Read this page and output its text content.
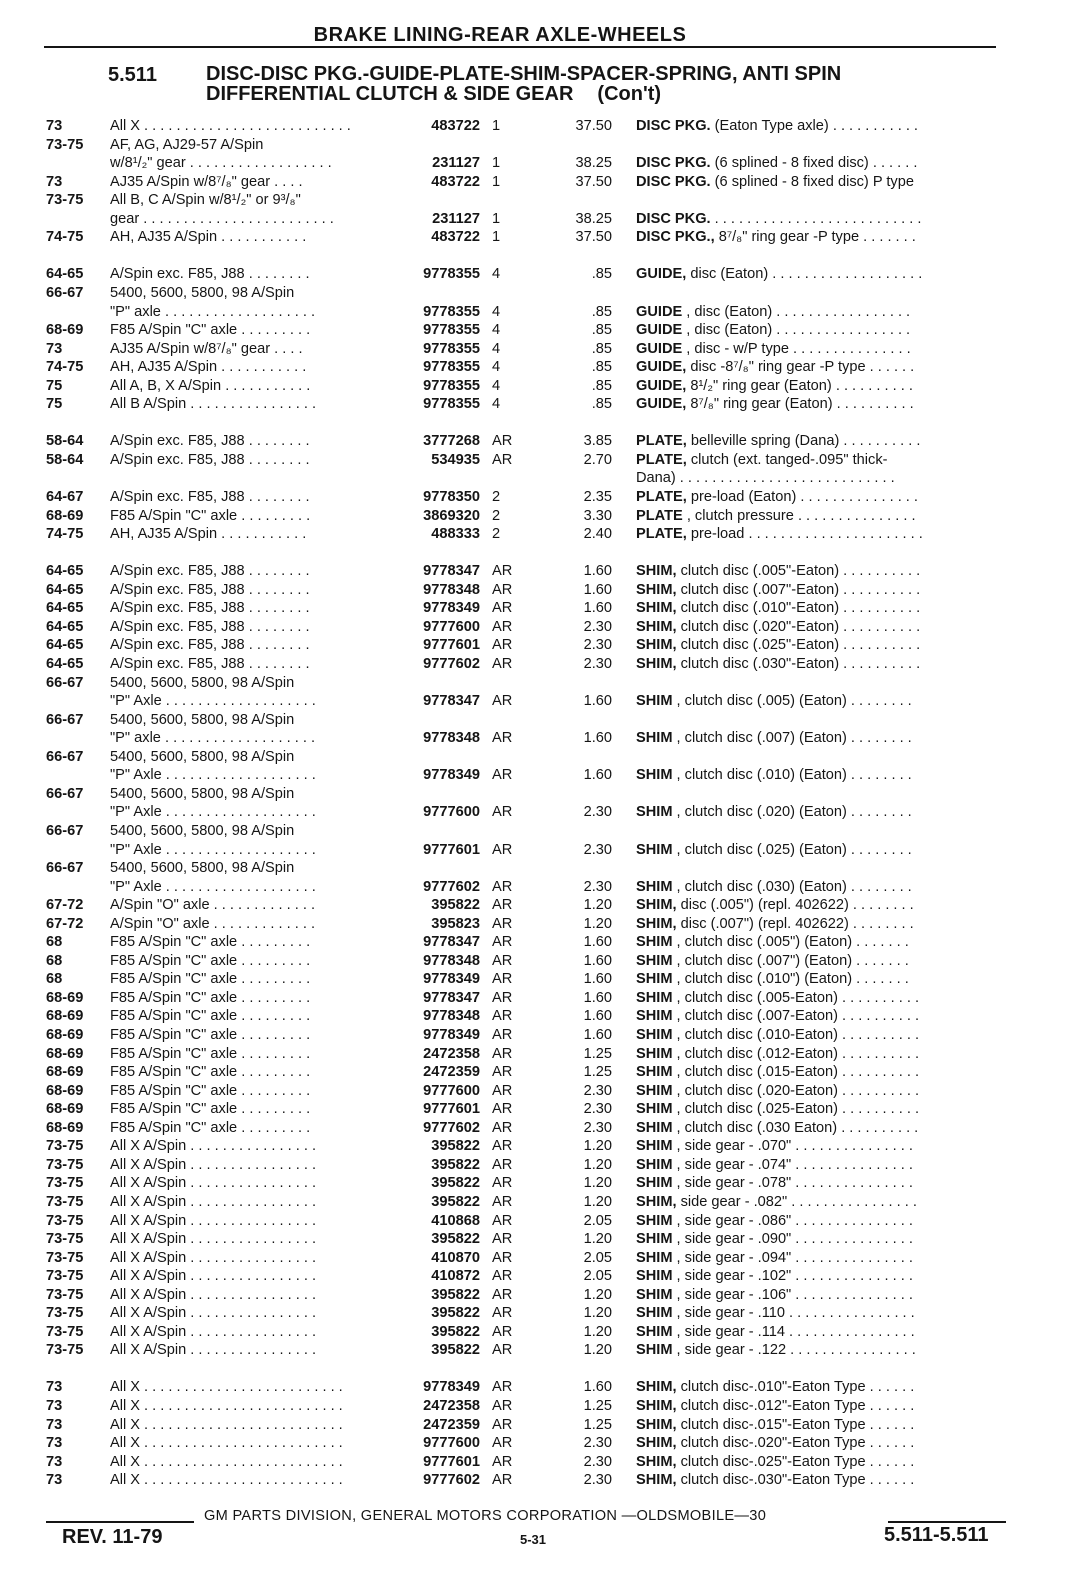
BRAKE LINING-REAR AXLE-WHEELS
5.511 DISC-DISC PKG.-GUIDE-PLATE-SHIM-SPACER-SPRING, ANTI SPIN
DIFFERENTIAL CLUTCH & SIDE GEAR (Con't)
73	All X . . . . . . . . . . . . . . . . . . . . . . . . . .	483722 1	37.50 DISC PKG. (Eaton Type axle) . . . . . . . . . . .
73-75	AF, AG, AJ29-57 A/Spin
w/8¹/₂" gear . . . . . . . . . . . . . . . . . .	231127 1	38.25 DISC PKG. (6 splined - 8 fixed disc) . . . . . .
73	AJ35 A/Spin w/8⁷/₈" gear . . . .	483722 1	37.50 DISC PKG. (6 splined - 8 fixed disc) P type
73-75	All B, C A/Spin w/8¹/₂" or 9³/₈"
gear . . . . . . . . . . . . . . . . . . . . . . . .	231127 1	38.25 DISC PKG. . . . . . . . . . . . . . . . . . . . . . . . . . .
74-75	AH, AJ35 A/Spin . . . . . . . . . . .	483722 1	37.50 DISC PKG., 8⁷/₈" ring gear -P type . . . . . . .
64-65	A/Spin exc. F85, J88 . . . . . . . .	9778355 4	.85 GUIDE, disc (Eaton) . . . . . . . . . . . . . . . . . . .
66-67	5400, 5600, 5800, 98 A/Spin
"P" axle . . . . . . . . . . . . . . . . . . .	9778355 4	.85 GUIDE , disc (Eaton) . . . . . . . . . . . . . . . . .
68-69	F85 A/Spin "C" axle . . . . . . . . .	9778355 4	.85 GUIDE , disc (Eaton) . . . . . . . . . . . . . . . . .
73	AJ35 A/Spin w/8⁷/₈" gear . . . .	9778355 4	.85 GUIDE , disc - w/P type . . . . . . . . . . . . . . .
74-75	AH, AJ35 A/Spin . . . . . . . . . . .	9778355 4	.85 GUIDE, disc -8⁷/₈" ring gear -P type . . . . . .
75	All A, B, X A/Spin . . . . . . . . . . .	9778355 4	.85 GUIDE, 8¹/₂" ring gear (Eaton) . . . . . . . . . .
75	All B A/Spin . . . . . . . . . . . . . . . .	9778355 4	.85 GUIDE, 8⁷/₈" ring gear (Eaton) . . . . . . . . . .
58-64	A/Spin exc. F85, J88 . . . . . . . .	3777268 AR	3.85 PLATE, belleville spring (Dana) . . . . . . . . . .
58-64	A/Spin exc. F85, J88 . . . . . . . .	534935 AR	2.70 PLATE, clutch (ext. tanged-.095" thick-
Dana) . . . . . . . . . . . . . . . . . . . . . . . . . . .
64-67	A/Spin exc. F85, J88 . . . . . . . .	9778350 2	2.35 PLATE, pre-load (Eaton) . . . . . . . . . . . . . . .
68-69	F85 A/Spin "C" axle . . . . . . . . .	3869320 2	3.30 PLATE , clutch pressure . . . . . . . . . . . . . . .
74-75	AH, AJ35 A/Spin . . . . . . . . . . .	488333 2	2.40 PLATE, pre-load . . . . . . . . . . . . . . . . . . . . . .
64-65	A/Spin exc. F85, J88 . . . . . . . .	9778347 AR	1.60 SHIM, clutch disc (.005"-Eaton) . . . . . . . . . .
64-65	A/Spin exc. F85, J88 . . . . . . . .	9778348 AR	1.60 SHIM, clutch disc (.007"-Eaton) . . . . . . . . . .
64-65	A/Spin exc. F85, J88 . . . . . . . .	9778349 AR	1.60 SHIM, clutch disc (.010"-Eaton) . . . . . . . . . .
64-65	A/Spin exc. F85, J88 . . . . . . . .	9777600 AR	2.30 SHIM, clutch disc (.020"-Eaton) . . . . . . . . . .
64-65	A/Spin exc. F85, J88 . . . . . . . .	9777601 AR	2.30 SHIM, clutch disc (.025"-Eaton) . . . . . . . . . .
64-65	A/Spin exc. F85, J88 . . . . . . . .	9777602 AR	2.30 SHIM, clutch disc (.030"-Eaton) . . . . . . . . . .
66-67	5400, 5600, 5800, 98 A/Spin
"P" Axle . . . . . . . . . . . . . . . . . . .	9778347 AR	1.60 SHIM , clutch disc (.005) (Eaton) . . . . . . . .
66-67	5400, 5600, 5800, 98 A/Spin
"P" axle . . . . . . . . . . . . . . . . . . .	9778348 AR	1.60 SHIM , clutch disc (.007) (Eaton) . . . . . . . .
66-67	5400, 5600, 5800, 98 A/Spin
"P" Axle . . . . . . . . . . . . . . . . . . .	9778349 AR	1.60 SHIM , clutch disc (.010) (Eaton) . . . . . . . .
66-67	5400, 5600, 5800, 98 A/Spin
"P" Axle . . . . . . . . . . . . . . . . . . .	9777600 AR	2.30 SHIM , clutch disc (.020) (Eaton) . . . . . . . .
66-67	5400, 5600, 5800, 98 A/Spin
"P" Axle . . . . . . . . . . . . . . . . . . .	9777601 AR	2.30 SHIM , clutch disc (.025) (Eaton) . . . . . . . .
66-67	5400, 5600, 5800, 98 A/Spin
"P" Axle . . . . . . . . . . . . . . . . . . .	9777602 AR	2.30 SHIM , clutch disc (.030) (Eaton) . . . . . . . .
67-72	A/Spin "O" axle . . . . . . . . . . . . .	395822 AR	1.20 SHIM, disc (.005") (repl. 402622) . . . . . . . .
67-72	A/Spin "O" axle . . . . . . . . . . . . .	395823 AR	1.20 SHIM, disc (.007") (repl. 402622) . . . . . . . .
68	F85 A/Spin "C" axle . . . . . . . . .	9778347 AR	1.60 SHIM , clutch disc (.005") (Eaton) . . . . . . .
68	F85 A/Spin "C" axle . . . . . . . . .	9778348 AR	1.60 SHIM , clutch disc (.007") (Eaton) . . . . . . .
68	F85 A/Spin "C" axle . . . . . . . . .	9778349 AR	1.60 SHIM , clutch disc (.010") (Eaton) . . . . . . .
68-69	F85 A/Spin "C" axle . . . . . . . . .	9778347 AR	1.60 SHIM , clutch disc (.005-Eaton) . . . . . . . . . .
68-69	F85 A/Spin "C" axle . . . . . . . . .	9778348 AR	1.60 SHIM , clutch disc (.007-Eaton) . . . . . . . . . .
68-69	F85 A/Spin "C" axle . . . . . . . . .	9778349 AR	1.60 SHIM , clutch disc (.010-Eaton) . . . . . . . . . .
68-69	F85 A/Spin "C" axle . . . . . . . . .	2472358 AR	1.25 SHIM , clutch disc (.012-Eaton) . . . . . . . . . .
68-69	F85 A/Spin "C" axle . . . . . . . . .	2472359 AR	1.25 SHIM , clutch disc (.015-Eaton) . . . . . . . . . .
68-69	F85 A/Spin "C" axle . . . . . . . . .	9777600 AR	2.30 SHIM , clutch disc (.020-Eaton) . . . . . . . . . .
68-69	F85 A/Spin "C" axle . . . . . . . . .	9777601 AR	2.30 SHIM , clutch disc (.025-Eaton) . . . . . . . . . .
68-69	F85 A/Spin "C" axle . . . . . . . . .	9777602 AR	2.30 SHIM , clutch disc (.030 Eaton) . . . . . . . . . .
73-75	All X A/Spin . . . . . . . . . . . . . . . .	395822 AR	1.20 SHIM , side gear - .070" . . . . . . . . . . . . . . .
73-75	All X A/Spin . . . . . . . . . . . . . . . .	395822 AR	1.20 SHIM , side gear - .074" . . . . . . . . . . . . . . .
73-75	All X A/Spin . . . . . . . . . . . . . . . .	395822 AR	1.20 SHIM , side gear - .078" . . . . . . . . . . . . . . .
73-75	All X A/Spin . . . . . . . . . . . . . . . .	395822 AR	1.20 SHIM, side gear - .082" . . . . . . . . . . . . . . . .
73-75	All X A/Spin . . . . . . . . . . . . . . . .	410868 AR	2.05 SHIM , side gear - .086" . . . . . . . . . . . . . . .
73-75	All X A/Spin . . . . . . . . . . . . . . . .	395822 AR	1.20 SHIM , side gear - .090" . . . . . . . . . . . . . . .
73-75	All X A/Spin . . . . . . . . . . . . . . . .	410870 AR	2.05 SHIM , side gear - .094" . . . . . . . . . . . . . . .
73-75	All X A/Spin . . . . . . . . . . . . . . . .	410872 AR	2.05 SHIM , side gear - .102" . . . . . . . . . . . . . . .
73-75	All X A/Spin . . . . . . . . . . . . . . . .	395822 AR	1.20 SHIM , side gear - .106" . . . . . . . . . . . . . . .
73-75	All X A/Spin . . . . . . . . . . . . . . . .	395822 AR	1.20 SHIM , side gear - .110 . . . . . . . . . . . . . . . .
73-75	All X A/Spin . . . . . . . . . . . . . . . .	395822 AR	1.20 SHIM , side gear - .114 . . . . . . . . . . . . . . . .
73-75	All X A/Spin . . . . . . . . . . . . . . . .	395822 AR	1.20 SHIM , side gear - .122 . . . . . . . . . . . . . . . .
73	All X . . . . . . . . . . . . . . . . . . . . . . . . .	9778349 AR	1.60 SHIM, clutch disc-.010"-Eaton Type . . . . . .
73	All X . . . . . . . . . . . . . . . . . . . . . . . . .	2472358 AR	1.25 SHIM, clutch disc-.012"-Eaton Type . . . . . .
73	All X . . . . . . . . . . . . . . . . . . . . . . . . .	2472359 AR	1.25 SHIM, clutch disc-.015"-Eaton Type . . . . . .
73	All X . . . . . . . . . . . . . . . . . . . . . . . . .	9777600 AR	2.30 SHIM, clutch disc-.020"-Eaton Type . . . . . .
73	All X . . . . . . . . . . . . . . . . . . . . . . . . .	9777601 AR	2.30 SHIM, clutch disc-.025"-Eaton Type . . . . . .
73	All X . . . . . . . . . . . . . . . . . . . . . . . . .	9777602 AR	2.30 SHIM, clutch disc-.030"-Eaton Type . . . . . .
GM PARTS DIVISION, GENERAL MOTORS CORPORATION —OLDSMOBILE—30
REV. 11-79	5-31	5.511-5.511
